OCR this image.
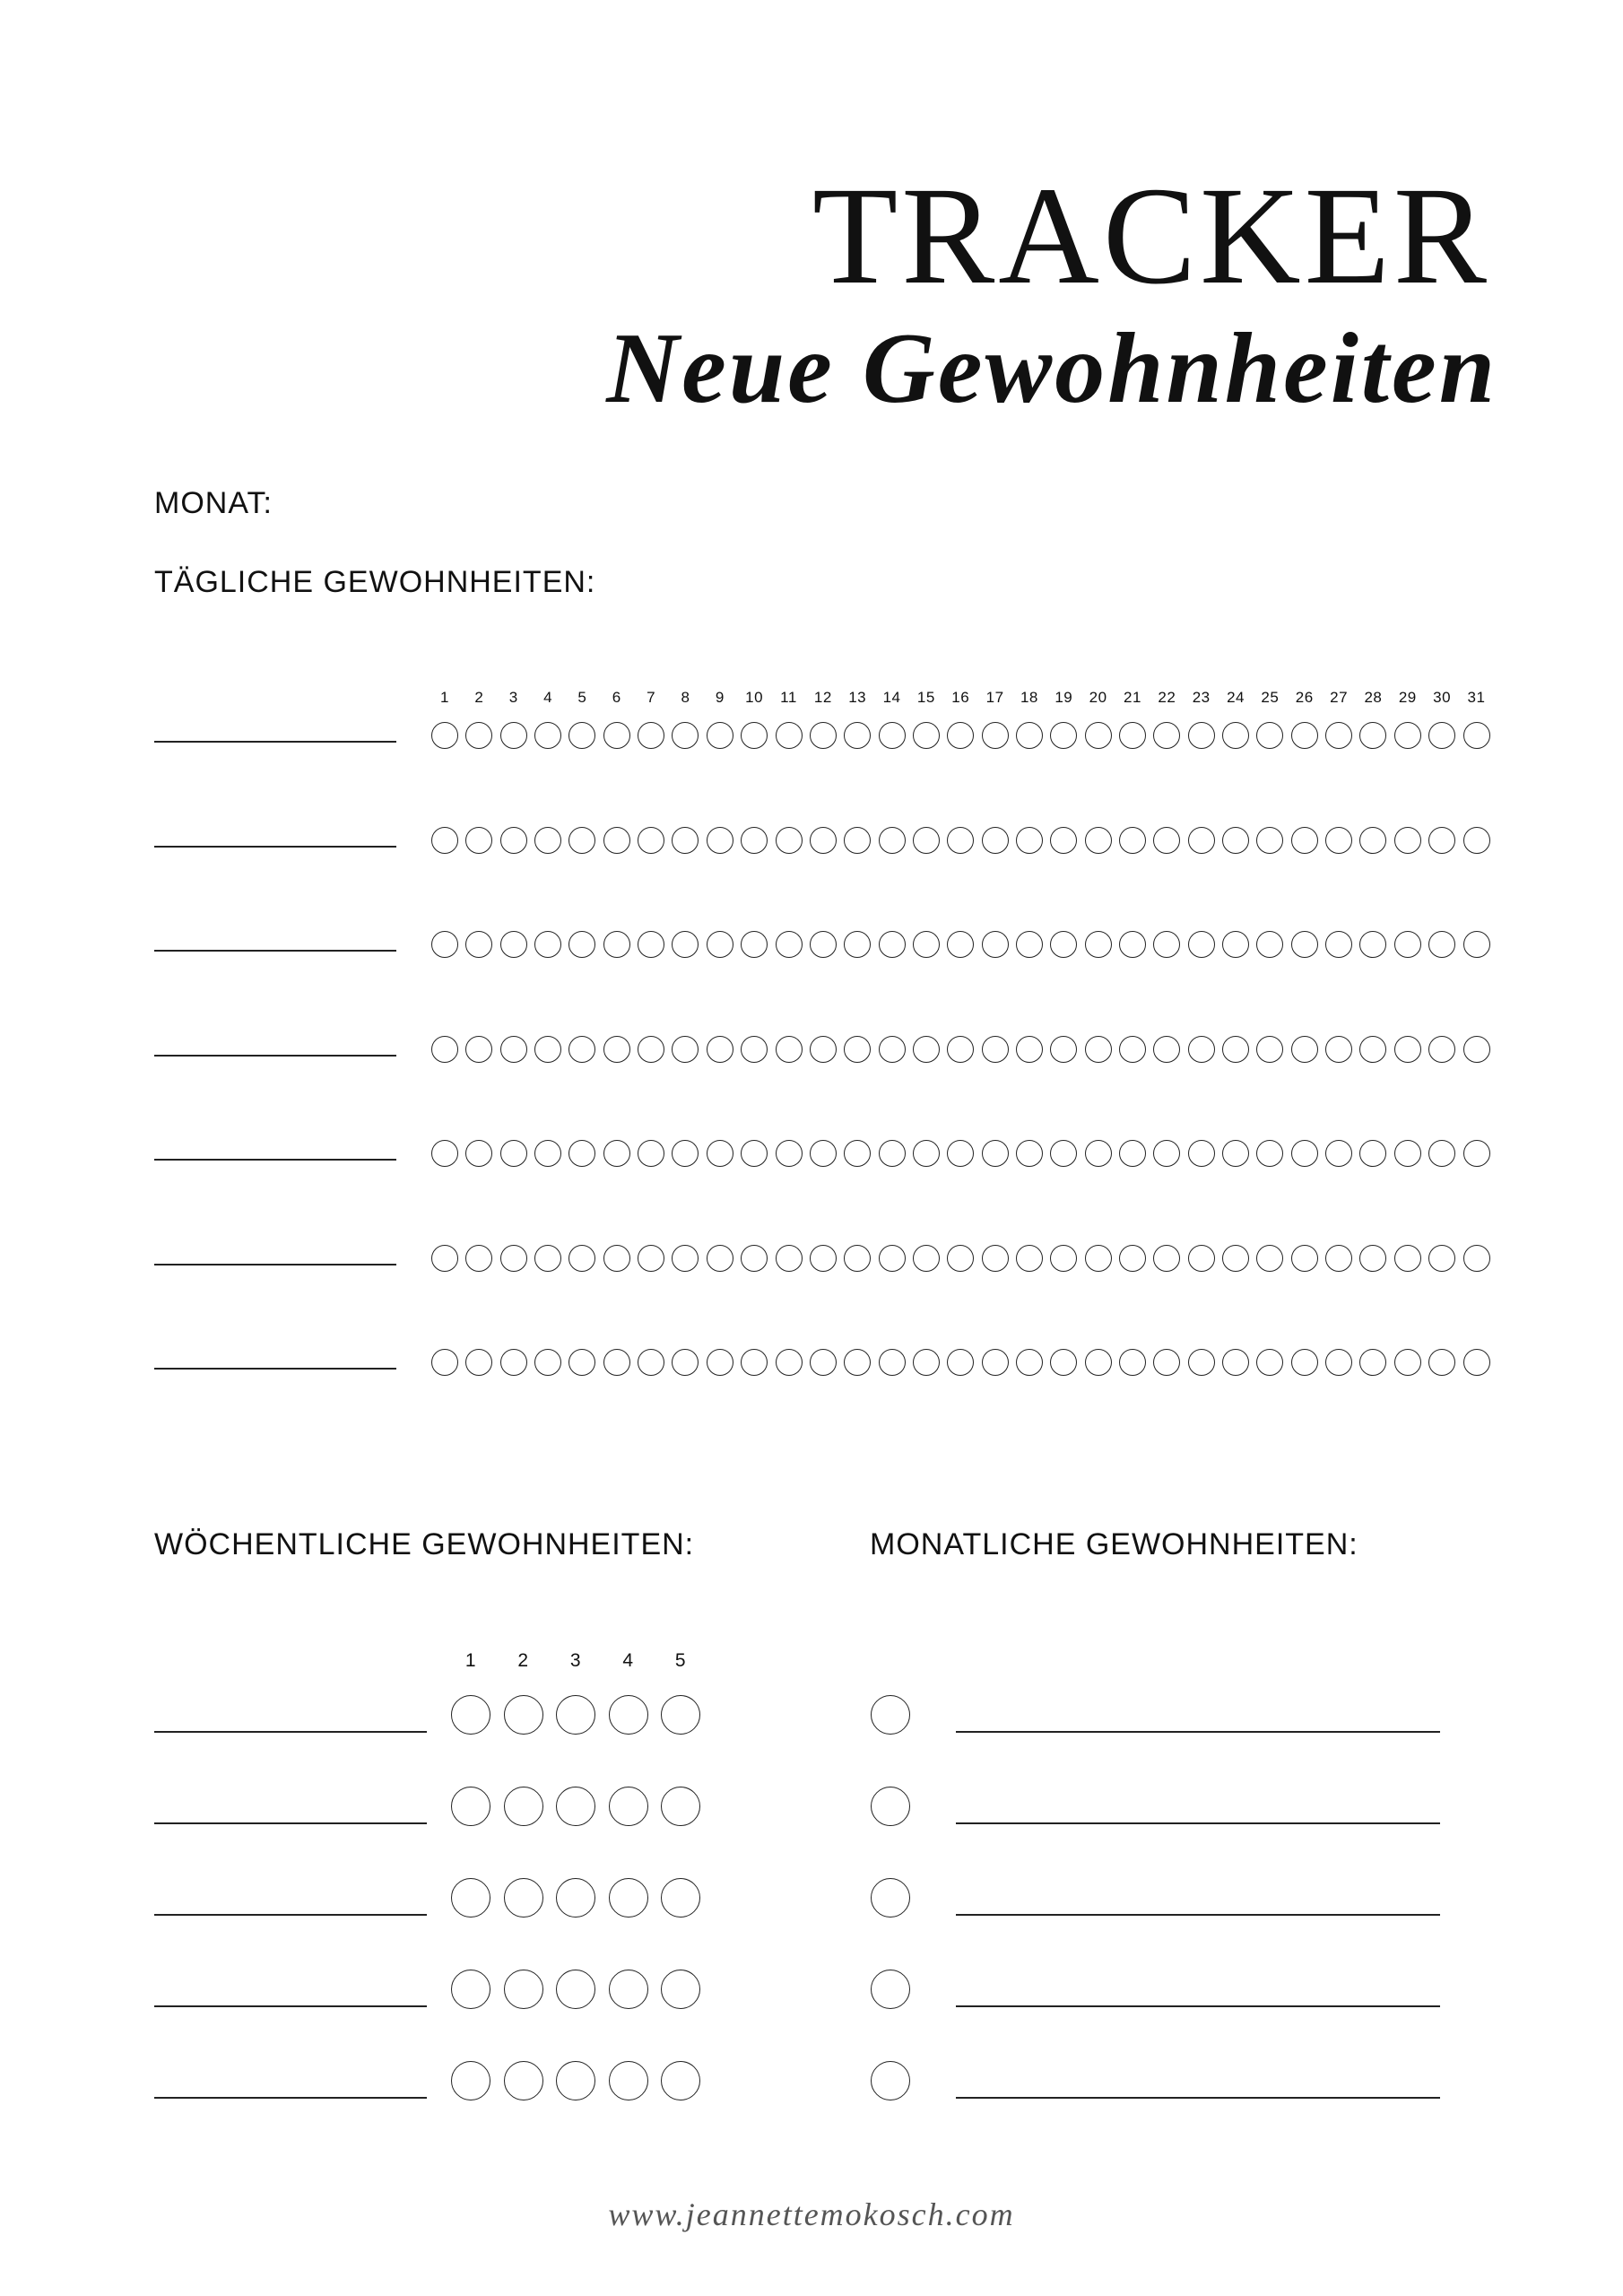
TRACKER
Neue Gewohnheiten
MONAT:
TÄGLICHE GEWOHNHEITEN:
1	2	3	4	5	6	7	8	9	10	11	12	13	14	15	16	17	18	19	20	21	22	23	24	25	26	27	28	29	30	31
WÖCHENTLICHE GEWOHNHEITEN:	MONATLICHE GEWOHNHEITEN:
1	2	3	4	5
www.jeannettemokosch.com
